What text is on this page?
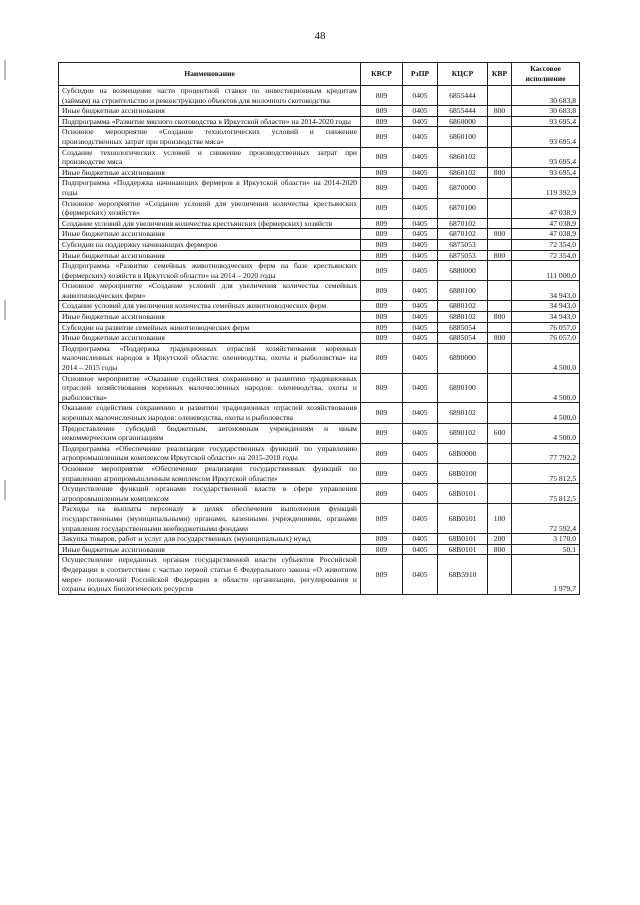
48
Наименование	КВСР	РзПР	КЦСР	КВР	Кассовое исполнение
Субсидии на возмещение части процентной ставки по инвестиционным кредитам (займам) на строительство и реконструкцию объектов для молочного скотоводства	809	0405	6855444		30 683,8
Иные бюджетные ассигнования	809	0405	6855444	800	30 683,8
Подпрограмма «Развитие мясного скотоводства в Иркутской области» на 2014-2020 годы	809	0405	6860000		93 695,4
Основное мероприятие «Создание технологических условий и снижение производственных затрат при производстве мяса»	809	0405	6860100		93 695,4
Создание технологических условий и снижение производственных затрат при производстве мяса	809	0405	6860102		93 695,4
Иные бюджетные ассигнования	809	0405	6860102	800	93 695,4
Подпрограмма «Поддержка начинающих фермеров в Иркутской области» на 2014-2020 годы	809	0405	6870000		119 392,9
Основное мероприятие «Создание условий для увеличения количества крестьянских (фермерских) хозяйств»	809	0405	6870100		47 038,9
Создание условий для увеличения количества крестьянских (фермерских) хозяйств	809	0405	6870102		47 038,9
Иные бюджетные ассигнования	809	0405	6870102	800	47 038,9
Субсидии на поддержку начинающих фермеров	809	0405	6875053		72 354,0
Иные бюджетные ассигнования	809	0405	6875053	800	72 354,0
Подпрограмма «Развитие семейных животноводческих ферм на базе крестьянских (фермерских) хозяйств в Иркутской области» на 2014 – 2020 годы	809	0405	6880000		111 000,0
Основное мероприятие «Создание условий для увеличения количества семейных животноводческих ферм»	809	0405	6880100		34 943,0
Создание условий для увеличения количества семейных животноводческих ферм	809	0405	6880102		34 943,0
Иные бюджетные ассигнования	809	0405	6880102	800	34 943,0
Субсидии на развитие семейных животноводческих ферм	809	0405	6885054		76 057,0
Иные бюджетные ассигнования	809	0405	6885054	800	76 057,0
Подпрограмма «Поддержка традиционных отраслей хозяйствования коренных малочисленных народов в Иркутской области: оленеводства, охоты и рыболовства» на 2014 – 2015 годы	809	0405	6890000		4 500,0
Основное мероприятие «Оказание содействия сохранению и развитию традиционных отраслей хозяйствования коренных малочисленных народов: оленеводства, охоты и рыболовства»	809	0405	6890100		4 500,0
Оказание содействия сохранению и развитию традиционных отраслей хозяйствования коренных малочисленных народов: оленеводства, охоты и рыболовства	809	0405	6890102		4 500,0
Предоставление субсидий бюджетным, автономным учреждениям и иным некоммерческим организациям	809	0405	6890102	600	4 500,0
Подпрограмма «Обеспечение реализации государственных функций по управлению агропромышленным комплексом Иркутской области» на 2015-2018 годы	809	0405	68В0000		77 792,2
Основное мероприятие «Обеспечение реализации государственных функций по управлению агропромышленным комплексом Иркутской области»	809	0405	68В0100		75 812,5
Осуществление функций органами государственной власти в сфере управления агропромышленным комплексом	809	0405	68В0101		75 812,5
Расходы на выплаты персоналу в целях обеспечения выполнения функций государственными (муниципальными) органами, казенными учреждениями, органами управления государственными внебюджетными фондами	809	0405	68В0101	100	72 592,4
Закупка товаров, работ и услуг для государственных (муниципальных) нужд	809	0405	68В0101	200	3 170,0
Иные бюджетные ассигнования	809	0405	68В0101	800	50,1
Осуществление переданных органам государственной власти субъектов Российской Федерации в соответствии с частью первой статьи 6 Федерального закона «О животном мире» полномочий Российской Федерации в области организации, регулирования и охраны водных биологических ресурсов	809	0405	68В5910		1 979,7
